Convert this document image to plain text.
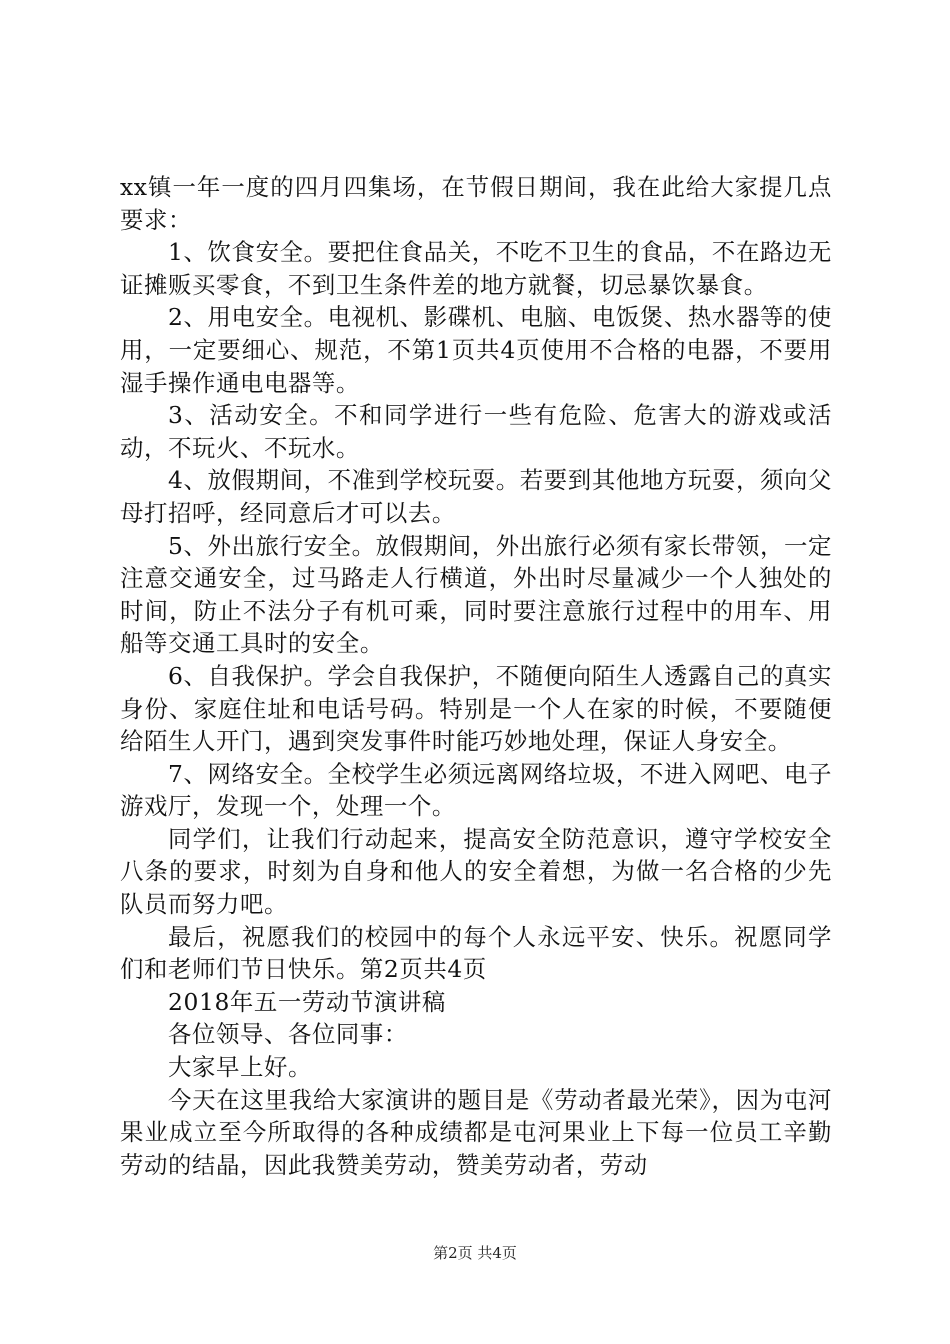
xx镇一年一度的四月四集场，在节假日期间，我在此给大家提几点要求：

1、饮食安全。要把住食品关，不吃不卫生的食品，不在路边无证摊贩买零食，不到卫生条件差的地方就餐，切忌暴饮暴食。

2、用电安全。电视机、影碟机、电脑、电饭煲、热水器等的使用，一定要细心、规范，不第1页共4页使用不合格的电器，不要用湿手操作通电电器等。

3、活动安全。不和同学进行一些有危险、危害大的游戏或活动，不玩火、不玩水。

4、放假期间，不准到学校玩耍。若要到其他地方玩耍，须向父母打招呼，经同意后才可以去。

5、外出旅行安全。放假期间，外出旅行必须有家长带领，一定注意交通安全，过马路走人行横道，外出时尽量减少一个人独处的时间，防止不法分子有机可乘，同时要注意旅行过程中的用车、用船等交通工具时的安全。

6、自我保护。学会自我保护，不随便向陌生人透露自己的真实身份、家庭住址和电话号码。特别是一个人在家的时候，不要随便给陌生人开门，遇到突发事件时能巧妙地处理，保证人身安全。

7、网络安全。全校学生必须远离网络垃圾，不进入网吧、电子游戏厅，发现一个，处理一个。

同学们，让我们行动起来，提高安全防范意识，遵守学校安全八条的要求，时刻为自身和他人的安全着想，为做一名合格的少先队员而努力吧。

最后，祝愿我们的校园中的每个人永远平安、快乐。祝愿同学们和老师们节日快乐。第2页共4页

2018年五一劳动节演讲稿

各位领导、各位同事：

大家早上好。

今天在这里我给大家演讲的题目是《劳动者最光荣》，因为屯河果业成立至今所取得的各种成绩都是屯河果业上下每一位员工辛勤劳动的结晶，因此我赞美劳动，赞美劳动者，劳动

第2页 共4页
